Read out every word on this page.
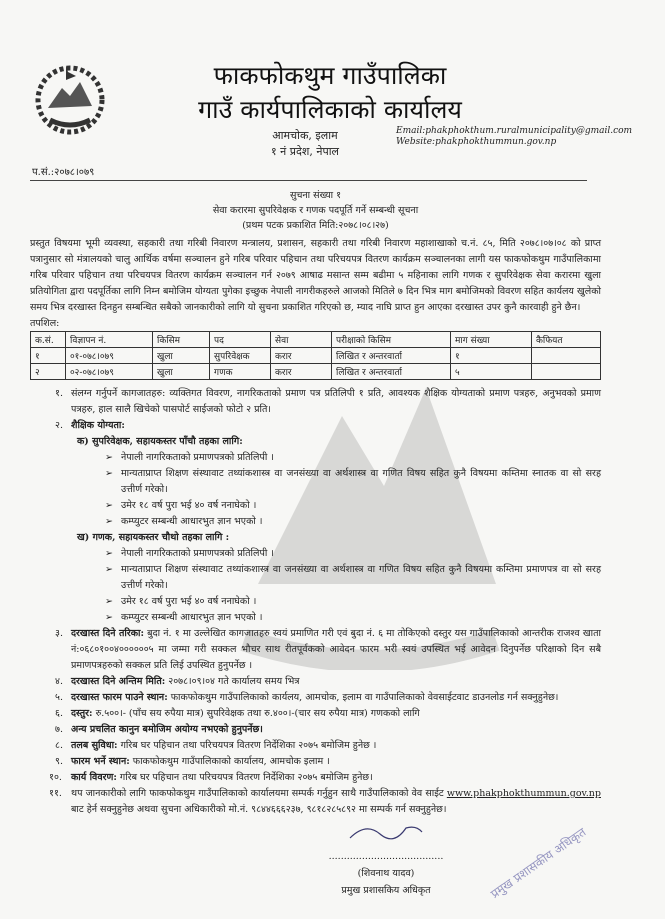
फाकफोकथुम गाउँपालिका
गाउँ कार्यपालिकाको कार्यालय
आमचोक, इलाम
१ नं प्रदेश, नेपाल
Email:phakphokthum.ruralmunicipality@gmail.com
Website:phakphokthummun.gov.np
प.सं.:२०७८।०७९
सुचना संख्या १
सेवा करारमा सुपरिवेक्षक र गणक पदपूर्ति गर्ने सम्बन्धी सूचना
(प्रथम पटक प्रकाशित मिति:२०७८।०८।२७)
प्रस्तुत विषयमा भूमी व्यवस्था, सहकारी तथा गरिबी निवारण मन्त्रालय, प्रशासन, सहकारी तथा गरिबी निवारण महाशाखाको च.नं. ८५, मिति २०७८।०७।०८ को प्राप्त पत्रानुसार सो मंत्रालयको चालु आर्थिक वर्षमा सञ्चालन हुने गरिब परिवार पहिचान तथा परिचयपत्र वितरण कार्यक्रम सञ्चालनका लागी यस फाकफोकथुम गाउँपालिकामा गरिब परिवार पहिचान तथा परिचयपत्र वितरण कार्यक्रम सञ्चालन गर्न २०७९ आषाढ मसान्त सम्म बढीमा ५ महिनाका लागि गणक र सुपरिवेक्षक सेवा करारमा खुला प्रतियोगिता द्वारा पदपूर्तिका लागि निम्न बमोजिम योग्यता पुगेका इच्छुक नेपाली नागरीकहरुले आजको मितिले ७ दिन भित्र माग बमोजिमको विवरण सहित कार्यलय खुलेको समय भित्र दरखास्त दिनहुन सम्बन्धित सबैको जानकारीको लागि यो सुचना प्रकाशित गरिएको छ, म्याद नाघि प्राप्त हुन आएका दरखास्त उपर कुनै कारवाही हुने छैन।
तपशिल:
क.सं.	विज्ञापन नं.	किसिम	पद	सेवा	परीक्षाको किसिम	माग संख्या	कैफियत
१	०१-०७८।०७९	खुला	सुपरिवेक्षक	करार	लिखित र अन्तरवार्ता	१	
२	०२-०७८।०७९	खुला	गणक	करार	लिखित र अन्तरवार्ता	५	
१. संलग्न गर्नुपर्ने कागजातहरु: व्यक्तिगत विवरण, नागरिकताको प्रमाण पत्र प्रतिलिपी १ प्रति, आवश्यक शैक्षिक योग्यताको प्रमाण पत्रहरु, अनुभवको प्रमाण पत्रहरु, हाल सालै खिचेको पासपोर्ट साईजको फोटो २ प्रति।
२. शैक्षिक योग्यता:
क) सुपरिवेक्षक, सहायकस्तर पाँचौ तहका लागि:
➢ नेपाली नागरिकताको प्रमाणपत्रको प्रतिलिपी ।
➢ मान्यताप्राप्त शिक्षण संस्थावाट तथ्यांकशास्त्र वा जनसंख्या वा अर्थशास्त्र वा गणित विषय सहित कुनै विषयमा कम्तिमा स्नातक वा सो सरह उत्तीर्ण गरेको।
➢ उमेर १८ वर्ष पुरा भई ४० वर्ष ननाघेको ।
➢ कम्प्युटर सम्बन्धी आधारभुत ज्ञान भएको ।
ख) गणक, सहायकस्तर चौथो तहका लागि :
➢ नेपाली नागरिकताको प्रमाणपत्रको प्रतिलिपी ।
➢ मान्यताप्राप्त शिक्षण संस्थावाट तथ्यांकशास्त्र वा जनसंख्या वा अर्थशास्त्र वा गणित विषय सहित कुनै विषयमा कम्तिमा प्रमाणपत्र वा सो सरह उत्तीर्ण गरेको।
➢ उमेर १८ वर्ष पुरा भई ४० वर्ष ननाघेको ।
➢ कम्प्युटर सम्बन्धी आधारभुत ज्ञान भएको ।
३. दरखास्त दिने तरिका: बुदा नं. १ मा उल्लेखित कागजातहरु स्वयं प्रमाणित गरी एवं बुदा नं. ६ मा तोकिएको दस्तुर यस गाउँपालिकाको आन्तरीक राजश्व खाता नं:०६८०१००४००००००५ मा जम्मा गरी सक्कल भौचर साथ रीतपूर्वकको आवेदन फारम भरी स्वयं उपस्थित भई आवेदन दिनुपर्नेछ परिक्षाको दिन सबै प्रमाणपत्रहरुको सक्कल प्रति लिई उपस्थित हुनुपर्नेछ ।
४. दरखास्त दिने अन्तिम मिति: २०७८।०९।०४ गते कार्यालय समय भित्र
५. दरखास्त फारम पाउने स्थान: फाकफोकथुम गाउँपालिकाको कार्यलय, आमचोक, इलाम वा गाउँपालिकाको वेवसाईटवाट डाउनलोड गर्न सक्नुहुनेछ।
६. दस्तुर: रु.५००।- (पाँच सय रुपैया मात्र) सुपरिवेक्षक तथा रु.४००।-(चार सय रुपैया मात्र) गणकको लागि
७. अन्य प्रचलित कानुन बमोजिम अयोग्य नभएको हुनुपर्नेछ।
८. तलब सुविधा: गरिब घर पहिचान तथा परिचयपत्र वितरण निर्देशिका २०७५ बमोजिम हुनेछ ।
९. फारम भर्ने स्थान: फाकफोकथुम गाउँपालिकाको कार्यालय, आमचोक इलाम ।
१०. कार्य विवरण: गरिब घर पहिचान तथा परिचयपत्र वितरण निर्देशिका २०७५ बमोजिम हुनेछ।
११. थप जानकारीको लागि फाकफोकथुम गाउँपालिकाको कार्यालयमा सम्पर्क गर्नुहुन साथै गाउँपालिकाको वेव साईट www.phakphokthummun.gov.np बाट हेर्न सक्नुहुनेछ अथवा सुचना अधिकारीको मो.नं. ९८४४६६६२३७, ९८१८२८५८९२ मा सम्पर्क गर्न सक्नुहुनेछ।
......................................
(शिवनाथ यादव)
प्रमुख प्रशासकिय अधिकृत	प्रमुख प्रशासकीय अधिकृत
